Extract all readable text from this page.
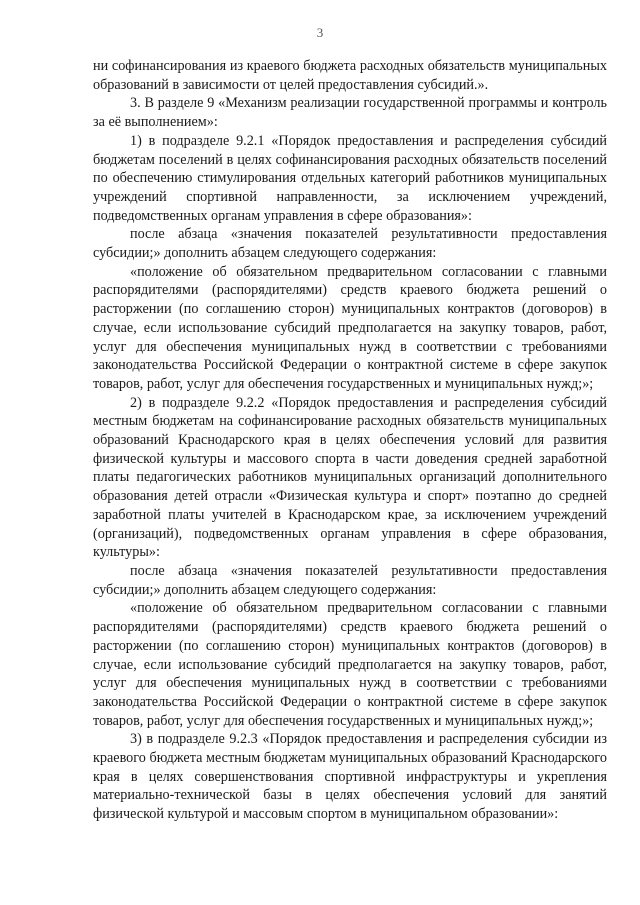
3

ни софинансирования из краевого бюджета расходных обязательств муниципальных образований в зависимости от целей предоставления субсидий.».

3. В разделе 9 «Механизм реализации государственной программы и контроль за её выполнением»:

1) в подразделе 9.2.1 «Порядок предоставления и распределения субсидий бюджетам поселений в целях софинансирования расходных обязательств поселений по обеспечению стимулирования отдельных категорий работников муниципальных учреждений спортивной направленности, за исключением учреждений, подведомственных органам управления в сфере образования»:

после абзаца «значения показателей результативности предоставления субсидии;» дополнить абзацем следующего содержания:

«положение об обязательном предварительном согласовании с главными распорядителями (распорядителями) средств краевого бюджета решений о расторжении (по соглашению сторон) муниципальных контрактов (договоров) в случае, если использование субсидий предполагается на закупку товаров, работ, услуг для обеспечения муниципальных нужд в соответствии с требованиями законодательства Российской Федерации о контрактной системе в сфере закупок товаров, работ, услуг для обеспечения государственных и муниципальных нужд;»;

2) в подразделе 9.2.2 «Порядок предоставления и распределения субсидий местным бюджетам на софинансирование расходных обязательств муниципальных образований Краснодарского края в целях обеспечения условий для развития физической культуры и массового спорта в части доведения средней заработной платы педагогических работников муниципальных организаций дополнительного образования детей отрасли «Физическая культура и спорт» поэтапно до средней заработной платы учителей в Краснодарском крае, за исключением учреждений (организаций), подведомственных органам управления в сфере образования, культуры»:

после абзаца «значения показателей результативности предоставления субсидии;» дополнить абзацем следующего содержания:

«положение об обязательном предварительном согласовании с главными распорядителями (распорядителями) средств краевого бюджета решений о расторжении (по соглашению сторон) муниципальных контрактов (договоров) в случае, если использование субсидий предполагается на закупку товаров, работ, услуг для обеспечения муниципальных нужд в соответствии с требованиями законодательства Российской Федерации о контрактной системе в сфере закупок товаров, работ, услуг для обеспечения государственных и муниципальных нужд;»;

3) в подразделе 9.2.3 «Порядок предоставления и распределения субсидии из краевого бюджета местным бюджетам муниципальных образований Краснодарского края в целях совершенствования спортивной инфраструктуры и укрепления материально-технической базы в целях обеспечения условий для занятий физической культурой и массовым спортом в муниципальном образовании»:
